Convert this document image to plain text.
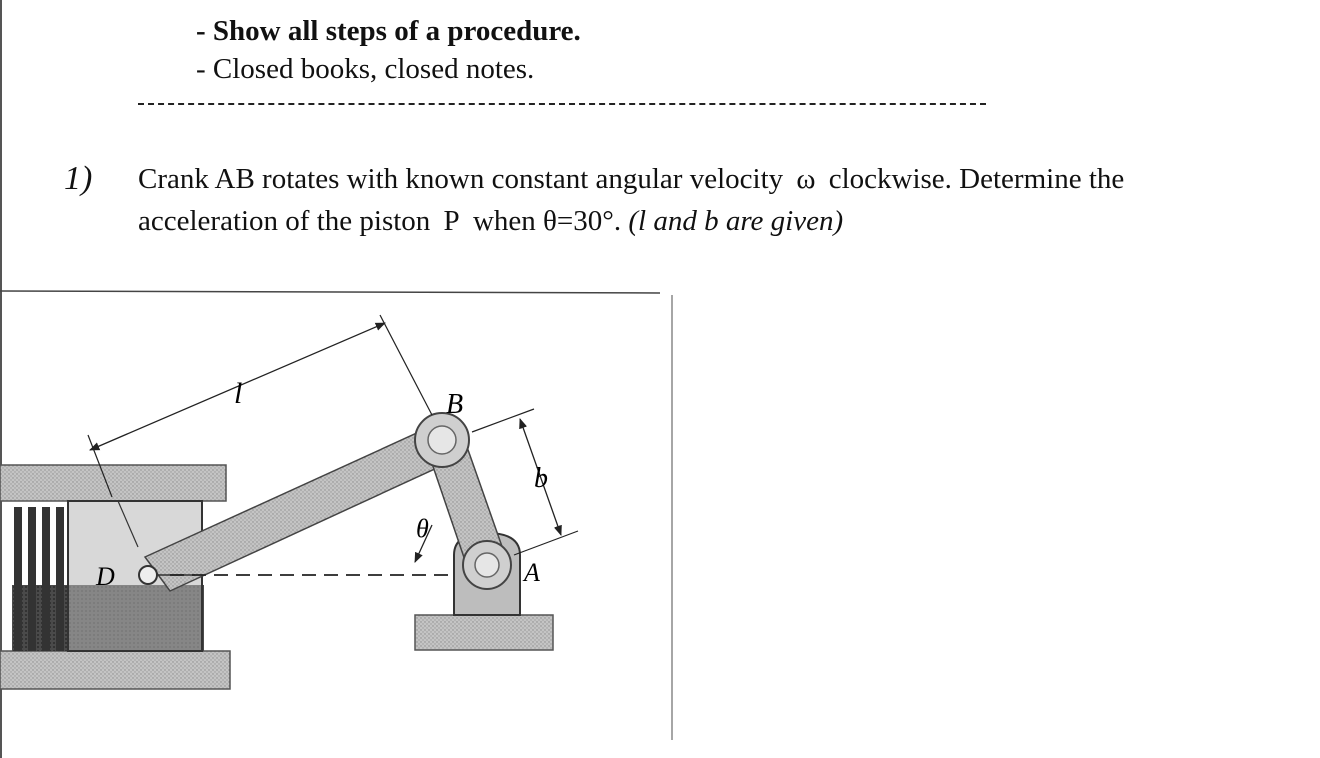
- Show all steps of a procedure.
- Closed books, closed notes.
1) Crank AB rotates with known constant angular velocity ω clockwise. Determine the
acceleration of the piston P when θ=30°. (l and b are given)
l	B
b
θ
A
D
